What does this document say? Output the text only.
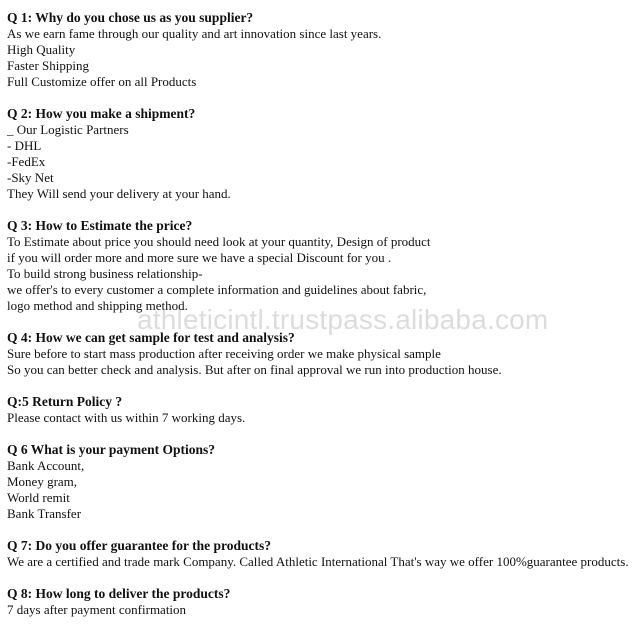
Q 1: Why do you chose us as you supplier?
As we earn fame through our quality and art innovation since last years.
High Quality
Faster Shipping
Full Customize offer on all Products
Q 2: How you make a shipment?
_ Our Logistic Partners
- DHL
-FedEx
-Sky Net
They Will send your delivery at your hand.
Q 3: How to Estimate the price?
To Estimate about price you should need look at your quantity, Design of product
if you will order more and more sure we have a special Discount for you .
To build strong business relationship-
we offer's to every customer a complete information and guidelines about fabric,
logo method and shipping method.
Q 4: How we can get sample for test and analysis?
Sure before to start mass production after receiving order we make physical sample
So you can better check and analysis. But after on final approval we run into production house.
Q:5 Return Policy ?
Please contact with us within 7 working days.
Q 6 What is your payment Options?
Bank Account,
Money gram,
World remit
Bank Transfer
Q 7: Do you offer guarantee for the products?
We are a certified and trade mark Company. Called Athletic International That's way we offer 100%guarantee products.
Q 8: How long to deliver the products?
7 days after payment confirmation
athleticintl.trustpass.alibaba.com
